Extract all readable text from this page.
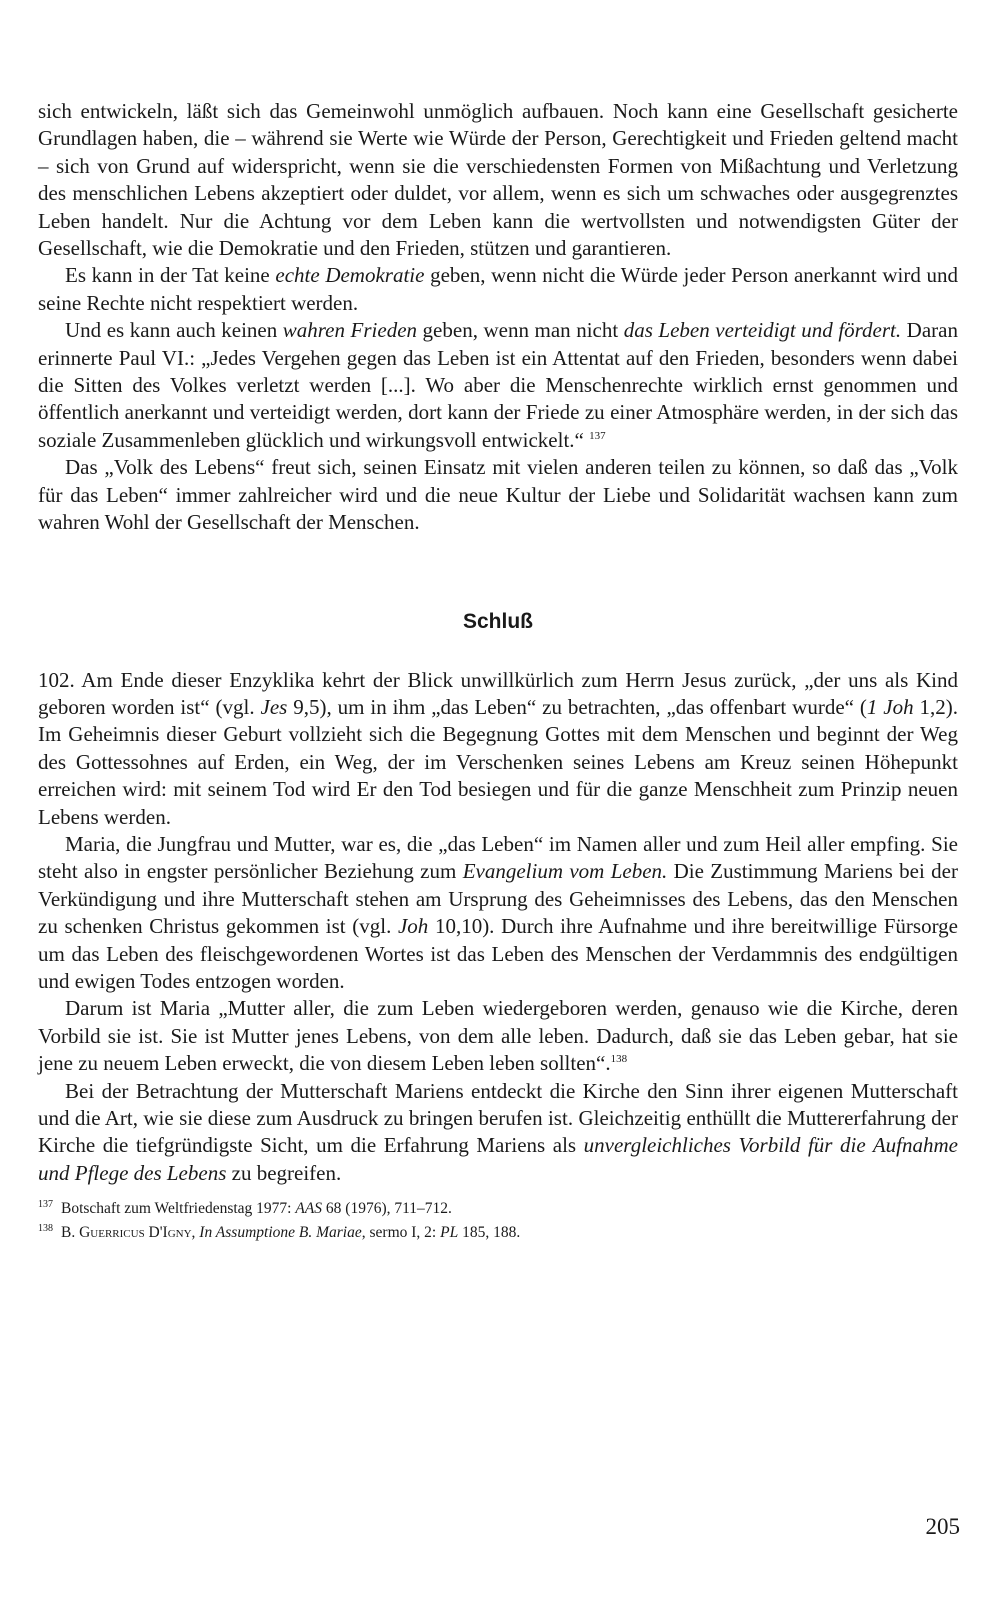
sich entwickeln, läßt sich das Gemeinwohl unmöglich aufbauen. Noch kann eine Gesellschaft gesicherte Grundlagen haben, die – während sie Werte wie Würde der Person, Gerechtigkeit und Frieden geltend macht – sich von Grund auf widerspricht, wenn sie die verschiedensten Formen von Mißachtung und Verletzung des menschlichen Lebens akzeptiert oder duldet, vor allem, wenn es sich um schwaches oder ausgegrenztes Leben handelt. Nur die Achtung vor dem Leben kann die wertvollsten und notwendigsten Güter der Gesellschaft, wie die Demokratie und den Frieden, stützen und garantieren.

Es kann in der Tat keine echte Demokratie geben, wenn nicht die Würde jeder Person anerkannt wird und seine Rechte nicht respektiert werden.

Und es kann auch keinen wahren Frieden geben, wenn man nicht das Leben verteidigt und fördert. Daran erinnerte Paul VI.: „Jedes Vergehen gegen das Leben ist ein Attentat auf den Frieden, besonders wenn dabei die Sitten des Volkes verletzt werden [...]. Wo aber die Menschenrechte wirklich ernst genommen und öffentlich anerkannt und verteidigt werden, dort kann der Friede zu einer Atmosphäre werden, in der sich das soziale Zusammenleben glücklich und wirkungsvoll entwickelt.“ $^{137}$

Das „Volk des Lebens“ freut sich, seinen Einsatz mit vielen anderen teilen zu können, so daß das „Volk für das Leben“ immer zahlreicher wird und die neue Kultur der Liebe und Solidarität wachsen kann zum wahren Wohl der Gesellschaft der Menschen.

Schluß

102. Am Ende dieser Enzyklika kehrt der Blick unwillkürlich zum Herrn Jesus zurück, „der uns als Kind geboren worden ist“ (vgl. Jes 9,5), um in ihm „das Leben“ zu betrachten, „das offenbart wurde“ (1 Joh 1,2). Im Geheimnis dieser Geburt vollzieht sich die Begegnung Gottes mit dem Menschen und beginnt der Weg des Gottessohnes auf Erden, ein Weg, der im Verschenken seines Lebens am Kreuz seinen Höhepunkt erreichen wird: mit seinem Tod wird Er den Tod besiegen und für die ganze Menschheit zum Prinzip neuen Lebens werden.

Maria, die Jungfrau und Mutter, war es, die „das Leben“ im Namen aller und zum Heil aller empfing. Sie steht also in engster persönlicher Beziehung zum Evangelium vom Leben. Die Zustimmung Mariens bei der Verkündigung und ihre Mutterschaft stehen am Ursprung des Geheimnisses des Lebens, das den Menschen zu schenken Christus gekommen ist (vgl. Joh 10,10). Durch ihre Aufnahme und ihre bereitwillige Fürsorge um das Leben des fleischgewordenen Wortes ist das Leben des Menschen der Verdammnis des endgültigen und ewigen Todes entzogen worden.

Darum ist Maria „Mutter aller, die zum Leben wiedergeboren werden, genauso wie die Kirche, deren Vorbild sie ist. Sie ist Mutter jenes Lebens, von dem alle leben. Dadurch, daß sie das Leben gebar, hat sie jene zu neuem Leben erweckt, die von diesem Leben leben sollten“.$^{138}$

Bei der Betrachtung der Mutterschaft Mariens entdeckt die Kirche den Sinn ihrer eigenen Mutterschaft und die Art, wie sie diese zum Ausdruck zu bringen berufen ist. Gleichzeitig enthüllt die Muttererfahrung der Kirche die tiefgründigste Sicht, um die Erfahrung Mariens als unvergleichliches Vorbild für die Aufnahme und Pflege des Lebens zu begreifen.

$^{137}$ Botschaft zum Weltfriedenstag 1977: AAS 68 (1976), 711–712.

$^{138}$ B. Guerricus D'Igny, In Assumptione B. Mariae, sermo I, 2: PL 185, 188.

205
